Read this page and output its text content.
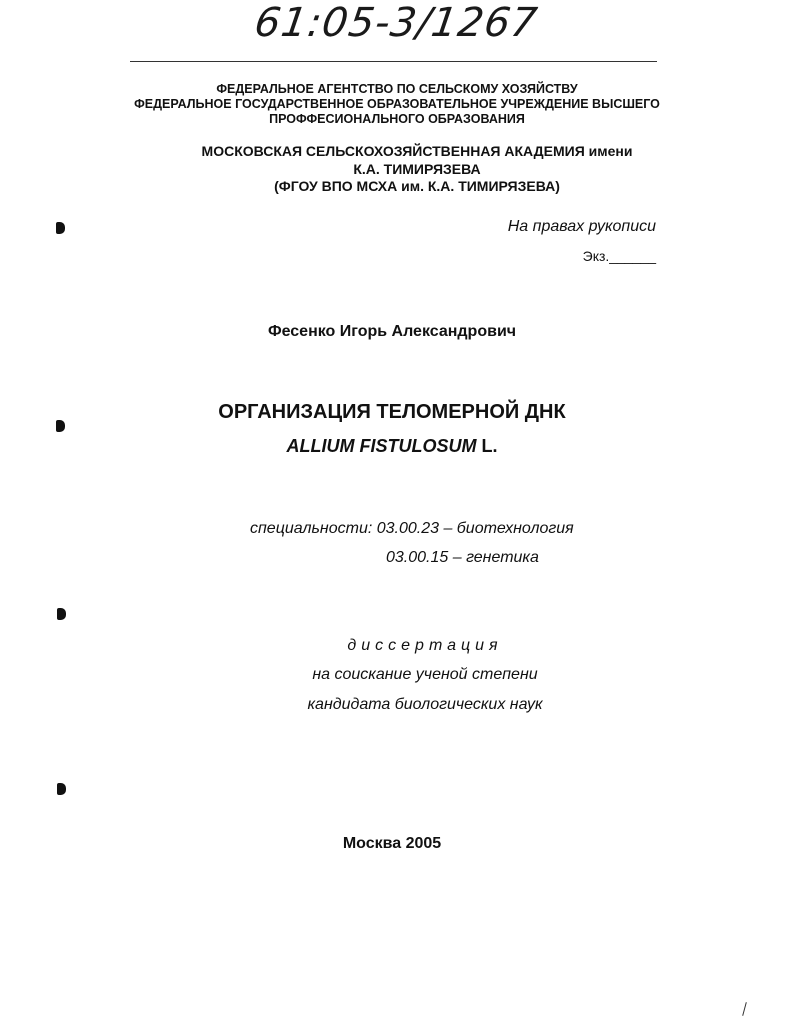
61:05-3/1267
ФЕДЕРАЛЬНОЕ АГЕНТСТВО ПО СЕЛЬСКОМУ ХОЗЯЙСТВУ
ФЕДЕРАЛЬНОЕ ГОСУДАРСТВЕННОЕ ОБРАЗОВАТЕЛЬНОЕ УЧРЕЖДЕНИЕ ВЫСШЕГО
ПРОФФЕСИОНАЛЬНОГО ОБРАЗОВАНИЯ
МОСКОВСКАЯ СЕЛЬСКОХОЗЯЙСТВЕННАЯ АКАДЕМИЯ имени
К.А. ТИМИРЯЗЕВА
(ФГОУ ВПО МСХА им. К.А. ТИМИРЯЗЕВА)
На правах рукописи
Экз.______
Фесенко Игорь Александрович
ОРГАНИЗАЦИЯ ТЕЛОМЕРНОЙ ДНК
ALLIUM FISTULOSUM L.
специальности: 03.00.23 – биотехнология
03.00.15 – генетика
диссертация
на соискание ученой степени
кандидата биологических наук
Москва 2005
